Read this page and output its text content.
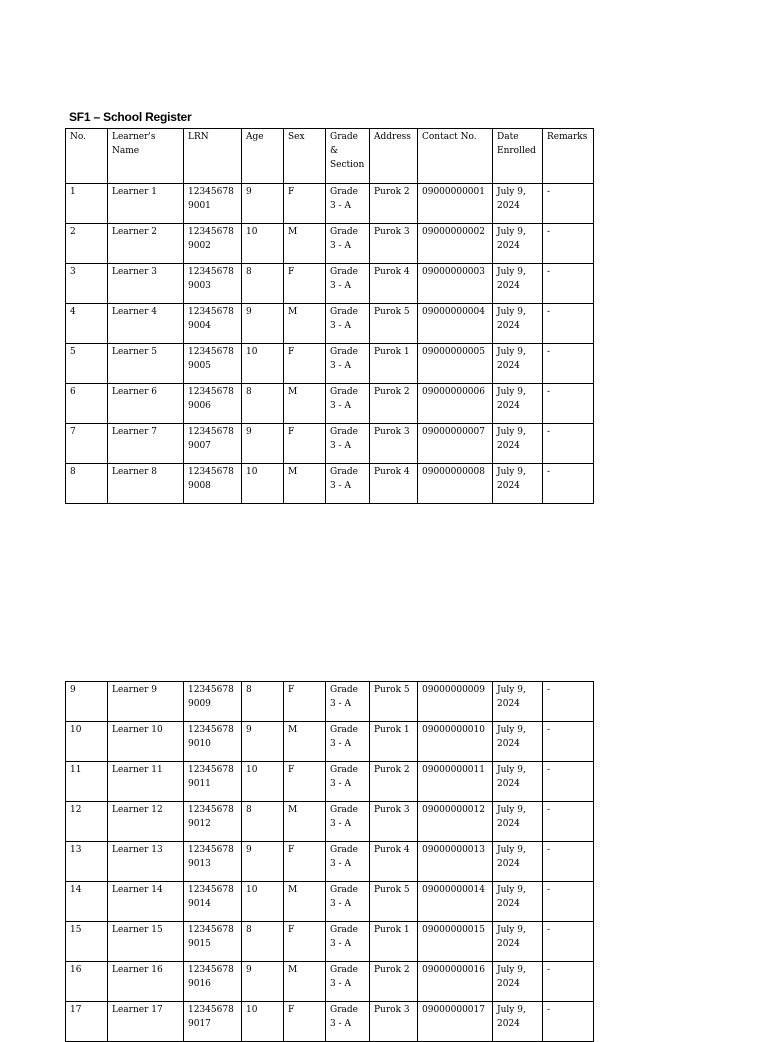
SF1 – School Register
No.	Learner's Name	LRN	Age	Sex	Grade & Section	Address	Contact No.	Date Enrolled	Remarks
1	Learner 1	123456789001	9	F	Grade 3 - A	Purok 2	09000000001	July 9, 2024	-
2	Learner 2	123456789002	10	M	Grade 3 - A	Purok 3	09000000002	July 9, 2024	-
3	Learner 3	123456789003	8	F	Grade 3 - A	Purok 4	09000000003	July 9, 2024	-
4	Learner 4	123456789004	9	M	Grade 3 - A	Purok 5	09000000004	July 9, 2024	-
5	Learner 5	123456789005	10	F	Grade 3 - A	Purok 1	09000000005	July 9, 2024	-
6	Learner 6	123456789006	8	M	Grade 3 - A	Purok 2	09000000006	July 9, 2024	-
7	Learner 7	123456789007	9	F	Grade 3 - A	Purok 3	09000000007	July 9, 2024	-
8	Learner 8	123456789008	10	M	Grade 3 - A	Purok 4	09000000008	July 9, 2024	-
9	Learner 9	123456789009	8	F	Grade 3 - A	Purok 5	09000000009	July 9, 2024	-
10	Learner 10	123456789010	9	M	Grade 3 - A	Purok 1	09000000010	July 9, 2024	-
11	Learner 11	123456789011	10	F	Grade 3 - A	Purok 2	09000000011	July 9, 2024	-
12	Learner 12	123456789012	8	M	Grade 3 - A	Purok 3	09000000012	July 9, 2024	-
13	Learner 13	123456789013	9	F	Grade 3 - A	Purok 4	09000000013	July 9, 2024	-
14	Learner 14	123456789014	10	M	Grade 3 - A	Purok 5	09000000014	July 9, 2024	-
15	Learner 15	123456789015	8	F	Grade 3 - A	Purok 1	09000000015	July 9, 2024	-
16	Learner 16	123456789016	9	M	Grade 3 - A	Purok 2	09000000016	July 9, 2024	-
17	Learner 17	123456789017	10	F	Grade 3 - A	Purok 3	09000000017	July 9, 2024	-
